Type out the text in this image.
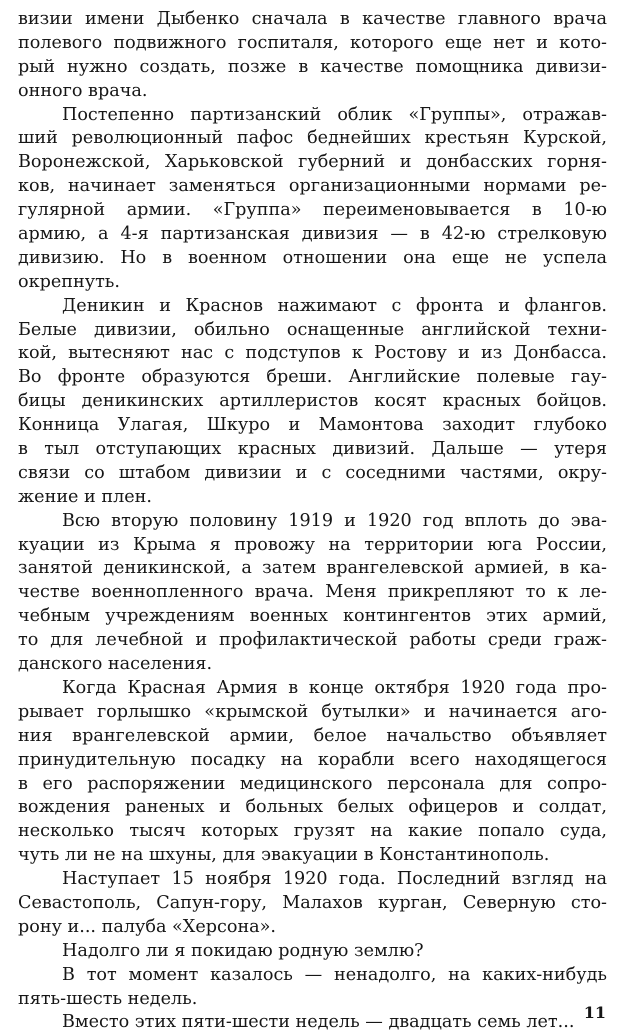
визии имени Дыбенко сначала в качестве главного врача
полевого подвижного госпиталя, которого еще нет и кото-
рый нужно создать, позже в качестве помощника дивизи-
онного врача.
Постепенно партизанский облик «Группы», отражав-
ший революционный пафос беднейших крестьян Курской,
Воронежской, Харьковской губерний и донбасских горня-
ков, начинает заменяться организационными нормами ре-
гулярной армии. «Группа» переименовывается в 10-ю
армию, а 4-я партизанская дивизия — в 42-ю стрелковую
дивизию. Но в военном отношении она еще не успела
окрепнуть.
Деникин и Краснов нажимают с фронта и флангов.
Белые дивизии, обильно оснащенные английской техни-
кой, вытесняют нас с подступов к Ростову и из Донбасса.
Во фронте образуются бреши. Английские полевые гау-
бицы деникинских артиллеристов косят красных бойцов.
Конница Улагая, Шкуро и Мамонтова заходит глубоко
в тыл отступающих красных дивизий. Дальше — утеря
связи со штабом дивизии и с соседними частями, окру-
жение и плен.
Всю вторую половину 1919 и 1920 год вплоть до эва-
куации из Крыма я провожу на территории юга России,
занятой деникинской, а затем врангелевской армией, в ка-
честве военнопленного врача. Меня прикрепляют то к ле-
чебным учреждениям военных контингентов этих армий,
то для лечебной и профилактической работы среди граж-
данского населения.
Когда Красная Армия в конце октября 1920 года про-
рывает горлышко «крымской бутылки» и начинается аго-
ния врангелевской армии, белое начальство объявляет
принудительную посадку на корабли всего находящегося
в его распоряжении медицинского персонала для сопро-
вождения раненых и больных белых офицеров и солдат,
несколько тысяч которых грузят на какие попало суда,
чуть ли не на шхуны, для эвакуации в Константинополь.
Наступает 15 ноября 1920 года. Последний взгляд на
Севастополь, Сапун-гору, Малахов курган, Северную сто-
рону и... палуба «Херсона».
Надолго ли я покидаю родную землю?
В тот момент казалось — ненадолго, на каких-нибудь
пять-шесть недель.
Вместо этих пяти-шести недель — двадцать семь лет... 11
